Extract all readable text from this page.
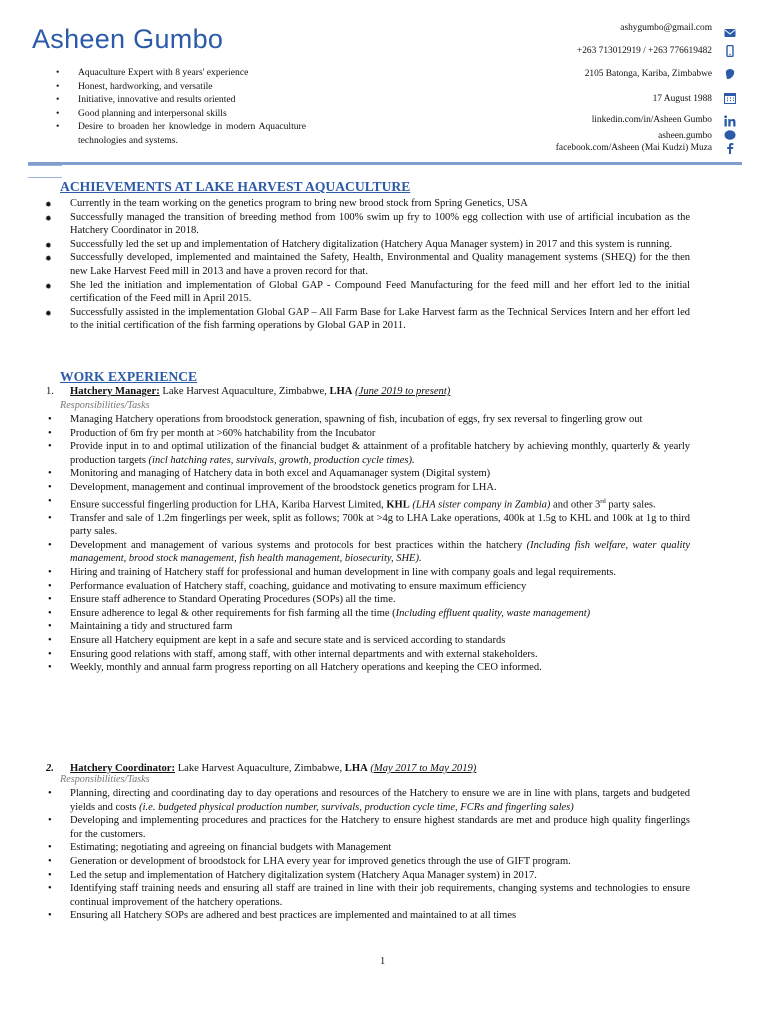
Asheen Gumbo
• Aquaculture Expert with 8 years' experience
• Honest, hardworking, and versatile
• Initiative, innovative and results oriented
• Good planning and interpersonal skills
• Desire to broaden her knowledge in modern Aquaculture technologies and systems.
ashygumbo@gmail.com
+263 713012919 / +263 776619482
2105 Batonga, Kariba, Zimbabwe
17 August 1988
linkedin.com/in/Asheen Gumbo
asheen.gumbo
facebook.com/Asheen (Mai Kudzi) Muza
ACHIEVEMENTS AT LAKE HARVEST AQUACULTURE
✹ Currently in the team working on the genetics program to bring new brood stock from Spring Genetics, USA
✹ Successfully managed the transition of breeding method from 100% swim up fry to 100% egg collection with use of artificial incubation as the Hatchery Coordinator in 2018.
✹ Successfully led the set up and implementation of Hatchery digitalization (Hatchery Aqua Manager system) in 2017 and this system is running.
✹ Successfully developed, implemented and maintained the Safety, Health, Environmental and Quality management systems (SHEQ) for the then new Lake Harvest Feed mill in 2013 and have a proven record for that.
✹ She led the initiation and implementation of Global GAP - Compound Feed Manufacturing for the feed mill and her effort led to the initial certification of the Feed mill in April 2015.
✹ Successfully assisted in the implementation Global GAP – All Farm Base for Lake Harvest farm as the Technical Services Intern and her effort led to the initial certification of the fish farming operations by Global GAP in 2011.
WORK EXPERIENCE
1. Hatchery Manager: Lake Harvest Aquaculture, Zimbabwe, LHA (June 2019 to present)
Responsibilities/Tasks
• Managing Hatchery operations from broodstock generation, spawning of fish, incubation of eggs, fry sex reversal to fingerling grow out
• Production of 6m fry per month at >60% hatchability from the Incubator
• Provide input in to and optimal utilization of the financial budget & attainment of a profitable hatchery by achieving monthly, quarterly & yearly production targets (incl hatching rates, survivals, growth, production cycle times).
• Monitoring and managing of Hatchery data in both excel and Aquamanager system (Digital system)
• Development, management and continual improvement of the broodstock genetics program for LHA.
• Ensure successful fingerling production for LHA, Kariba Harvest Limited, KHL (LHA sister company in Zambia) and other 3rd party sales.
• Transfer and sale of 1.2m fingerlings per week, split as follows; 700k at >4g to LHA Lake operations, 400k at 1.5g to KHL and 100k at 1g to third party sales.
• Development and management of various systems and protocols for best practices within the hatchery (Including fish welfare, water quality management, brood stock management, fish health management, biosecurity, SHE).
• Hiring and training of Hatchery staff for professional and human development in line with company goals and legal requirements.
• Performance evaluation of Hatchery staff, coaching, guidance and motivating to ensure maximum efficiency
• Ensure staff adherence to Standard Operating Procedures (SOPs) all the time.
• Ensure adherence to legal & other requirements for fish farming all the time (Including effluent quality, waste management)
• Maintaining a tidy and structured farm
• Ensure all Hatchery equipment are kept in a safe and secure state and is serviced according to standards
• Ensuring good relations with staff, among staff, with other internal departments and with external stakeholders.
• Weekly, monthly and annual farm progress reporting on all Hatchery operations and keeping the CEO informed.
2. Hatchery Coordinator: Lake Harvest Aquaculture, Zimbabwe, LHA (May 2017 to May 2019)
Responsibilities/Tasks
• Planning, directing and coordinating day to day operations and resources of the Hatchery to ensure we are in line with plans, targets and budgeted yields and costs (i.e. budgeted physical production number, survivals, production cycle time, FCRs and fingerling sales)
• Developing and implementing procedures and practices for the Hatchery to ensure highest standards are met and produce high quality fingerlings for the customers.
• Estimating; negotiating and agreeing on financial budgets with Management
• Generation or development of broodstock for LHA every year for improved genetics through the use of GIFT program.
• Led the setup and implementation of Hatchery digitalization system (Hatchery Aqua Manager system) in 2017.
• Identifying staff training needs and ensuring all staff are trained in line with their job requirements, changing systems and technologies to ensure continual improvement of the hatchery operations.
• Ensuring all Hatchery SOPs are adhered and best practices are implemented and maintained to at all times
1
